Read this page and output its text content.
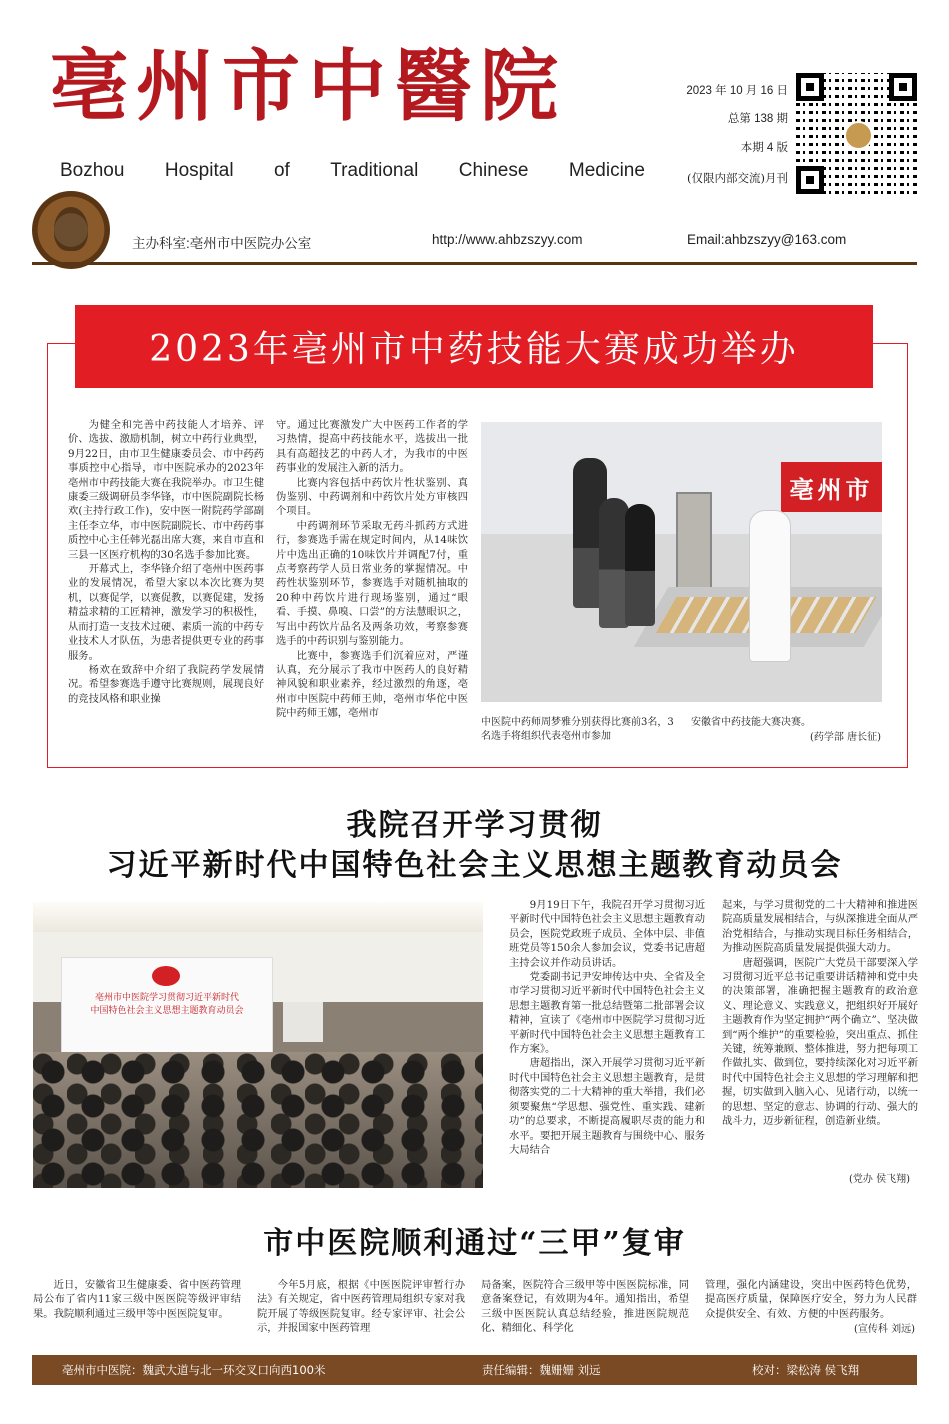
亳州市中醫院
Bozhou Hospital of Traditional Chinese Medicine
2023 年 10 月 16 日
总第 138 期
本期 4 版
(仅限内部交流)月刊
主办科室:亳州市中医院办公室	http://www.ahbzszyy.com	Email:ahbzszyy@163.com
2023年亳州市中药技能大赛成功举办

为健全和完善中药技能人才培养、评价、选拔、激励机制，树立中药行业典型，9月22日，由市卫生健康委员会、市中药药事质控中心指导，市中医院承办的2023年亳州市中药技能大赛在我院举办。市卫生健康委三级调研员李华锋，市中医院副院长杨欢(主持行政工作)，安中医一附院药学部副主任李立华，市中医院副院长、市中药药事质控中心主任韩光磊出席大赛，来自市直和三县一区医疗机构的30名选手参加比赛。

开幕式上，李华锋介绍了亳州中医药事业的发展情况，希望大家以本次比赛为契机，以赛促学，以赛促教，以赛促建，发扬精益求精的工匠精神，激发学习的积极性，从而打造一支技术过硬、素质一流的中药专业技术人才队伍，为患者提供更专业的药事服务。

杨欢在致辞中介绍了我院药学发展情况。希望参赛选手遵守比赛规则，展现良好的竞技风格和职业操

守。通过比赛激发广大中医药工作者的学习热情，提高中药技能水平，选拔出一批具有高超技艺的中药人才，为我市的中医药事业的发展注入新的活力。

比赛内容包括中药饮片性状鉴别、真伪鉴别、中药调剂和中药饮片处方审核四个项目。

中药调剂环节采取无药斗抓药方式进行，参赛选手需在规定时间内，从14味饮片中选出正确的10味饮片并调配7付，重点考察药学人员日常业务的掌握情况。中药性状鉴别环节，参赛选手对随机抽取的20种中药饮片进行现场鉴别，通过“眼看、手摸、鼻嗅、口尝”的方法慧眼识之，写出中药饮片品名及两条功效，考察参赛选手的中药识别与鉴别能力。

比赛中，参赛选手们沉着应对，严谨认真，充分展示了我市中医药人的良好精神风貌和职业素养，经过激烈的角逐，亳州市中医院中药师王帅，亳州市华佗中医院中药师王娜，亳州市

亳州市
中医院中药师周梦雅分别获得比赛前3名，3名选手将组织代表亳州市参加
安徽省中药技能大赛决赛。
(药学部 唐长征)
我院召开学习贯彻
习近平新时代中国特色社会主义思想主题教育动员会
亳州市中医院学习贯彻习近平新时代
中国特色社会主义思想主题教育动员会

9月19日下午，我院召开学习贯彻习近平新时代中国特色社会主义思想主题教育动员会，医院党政班子成员、全体中层、非值班党员等150余人参加会议，党委书记唐超主持会议并作动员讲话。

党委副书记尹安坤传达中央、全省及全市学习贯彻习近平新时代中国特色社会主义思想主题教育第一批总结暨第二批部署会议精神，宣读了《亳州市中医院学习贯彻习近平新时代中国特色社会主义思想主题教育工作方案》。

唐超指出，深入开展学习贯彻习近平新时代中国特色社会主义思想主题教育，是贯彻落实党的二十大精神的重大举措，我们必须要聚焦“学思想、强党性、重实践、建新功”的总要求，不断提高履职尽责的能力和水平。要把开展主题教育与围绕中心、服务大局结合

起来，与学习贯彻党的二十大精神和推进医院高质量发展相结合，与纵深推进全面从严治党相结合，与推动实现目标任务相结合，为推动医院高质量发展提供强大动力。

唐超强调，医院广大党员干部要深入学习贯彻习近平总书记重要讲话精神和党中央的决策部署，准确把握主题教育的政治意义、理论意义、实践意义，把组织好开展好主题教育作为坚定拥护“两个确立”、坚决做到“两个维护”的重要检验，突出重点、抓住关键，统筹兼顾、整体推进，努力把每项工作做扎实、做到位，要持续深化对习近平新时代中国特色社会主义思想的学习理解和把握，切实做到入脑入心、见诸行动，以统一的思想、坚定的意志、协调的行动、强大的战斗力，迈步新征程，创造新业绩。

(党办 侯飞翔)
市中医院顺利通过“三甲”复审

近日，安徽省卫生健康委、省中医药管理局公布了省内11家三级中医医院等级评审结果。我院顺利通过三级甲等中医医院复审。

今年5月底，根据《中医医院评审暂行办法》有关规定，省中医药管理局组织专家对我院开展了等级医院复审。经专家评审、社会公示，并报国家中医药管理

局备案，医院符合三级甲等中医医院标准，同意备案登记，有效期为4年。通知指出，希望三级中医医院认真总结经验，推进医院规范化、精细化、科学化

管理，强化内涵建设，突出中医药特色优势，提高医疗质量，保障医疗安全，努力为人民群众提供安全、有效、方便的中医药服务。

(宣传科 刘远)
亳州市中医院：魏武大道与北一环交叉口向西100米	责任编辑：魏姗姗 刘远	校对：梁松涛 侯飞翔
